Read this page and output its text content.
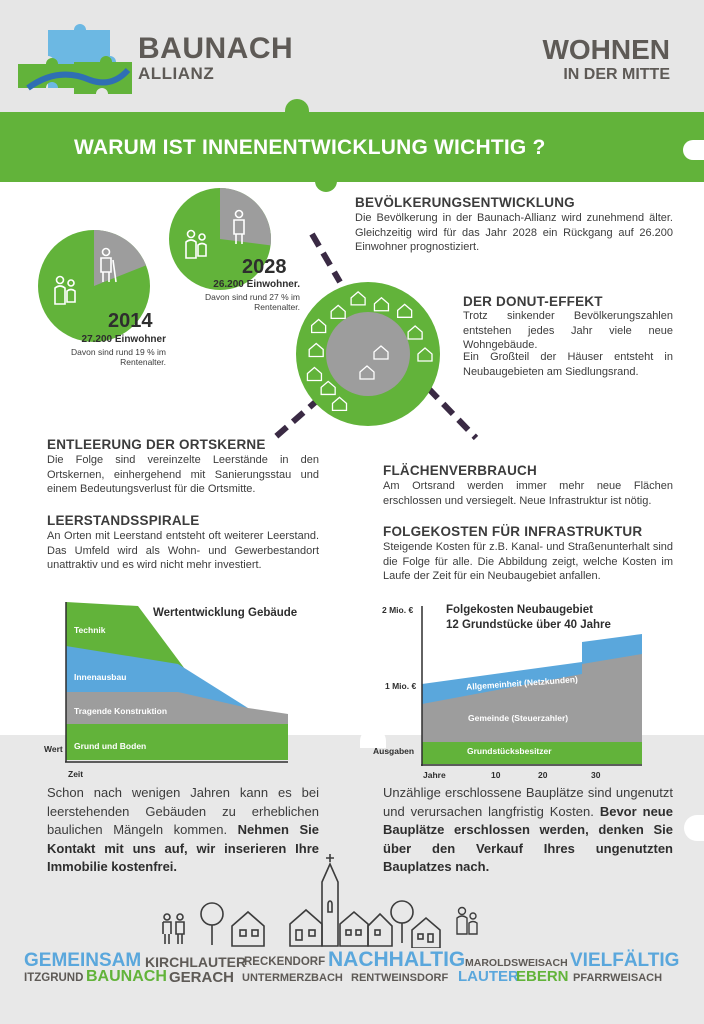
BAUNACH
ALLIANZ
WOHNEN
IN DER MITTE
WARUM IST INNENENTWICKLUNG WICHTIG ?
2014
27.200 Einwohner
Davon sind rund 19 % im
Rentenalter.
2028
26.200 Einwohner.
Davon sind rund 27 % im
Rentenalter.
BEVÖLKERUNGSENTWICKLUNG
Die Bevölkerung in der Baunach-Allianz wird zunehmend älter. Gleichzeitig wird für das Jahr 2028 ein Rückgang auf 26.200 Einwohner prognostiziert.
DER DONUT-EFFEKT
Trotz sinkender Bevölkerungszahlen entstehen jedes Jahr viele neue Wohngebäude.
Ein Großteil der Häuser entsteht in Neubaugebieten am Siedlungsrand.
ENTLEERUNG DER ORTSKERNE
Die Folge sind vereinzelte Leerstände in den Ortskernen, einhergehend mit Sanierungsstau und einem Bedeutungsverlust für die Ortsmitte.
LEERSTANDSSPIRALE
An Orten mit Leerstand entsteht oft weiterer Leerstand. Das Umfeld wird als Wohn- und Gewerbestandort unattraktiv und es wird nicht mehr investiert.
FLÄCHENVERBRAUCH
Am Ortsrand werden immer mehr neue Flächen erschlossen und versiegelt. Neue Infrastruktur ist nötig.
FOLGEKOSTEN FÜR INFRASTRUKTUR
Steigende Kosten für z.B. Kanal- und Straßenunterhalt sind die Folge für alle. Die Abbildung zeigt, welche Kosten im Laufe der Zeit für ein Neubaugebiet anfallen.
Wertentwicklung Gebäude
Technik
Innenausbau
Tragende Konstruktion
Grund und Boden
Wert
Zeit
Folgekosten Neubaugebiet
12 Grundstücke über 40 Jahre
2 Mio. €
1 Mio. €
Ausgaben
Jahre	10	20	30
Allgemeinheit (Netzkunden)
Gemeinde (Steuerzahler)
Grundstücksbesitzer
Schon nach wenigen Jahren kann es bei leerstehenden Gebäuden zu erheblichen baulichen Mängeln kommen. Nehmen Sie Kontakt mit uns auf, wir inserieren Ihre Immobilie kostenfrei.
Unzählige erschlossene Bauplätze sind ungenutzt und verursachen langfristig Kosten. Bevor neue Bauplätze erschlossen werden, denken Sie über den Verkauf Ihres ungenutzten Bauplatzes nach.
GEMEINSAM KIRCHLAUTER
RECKENDORF NACHHALTIG MAROLDSWEISACH VIELFÄLTIG
ITZGRUND BAUNACH GERACH UNTERMERZBACH RENTWEINSDORF LAUTER
EBERN PFARRWEISACH
